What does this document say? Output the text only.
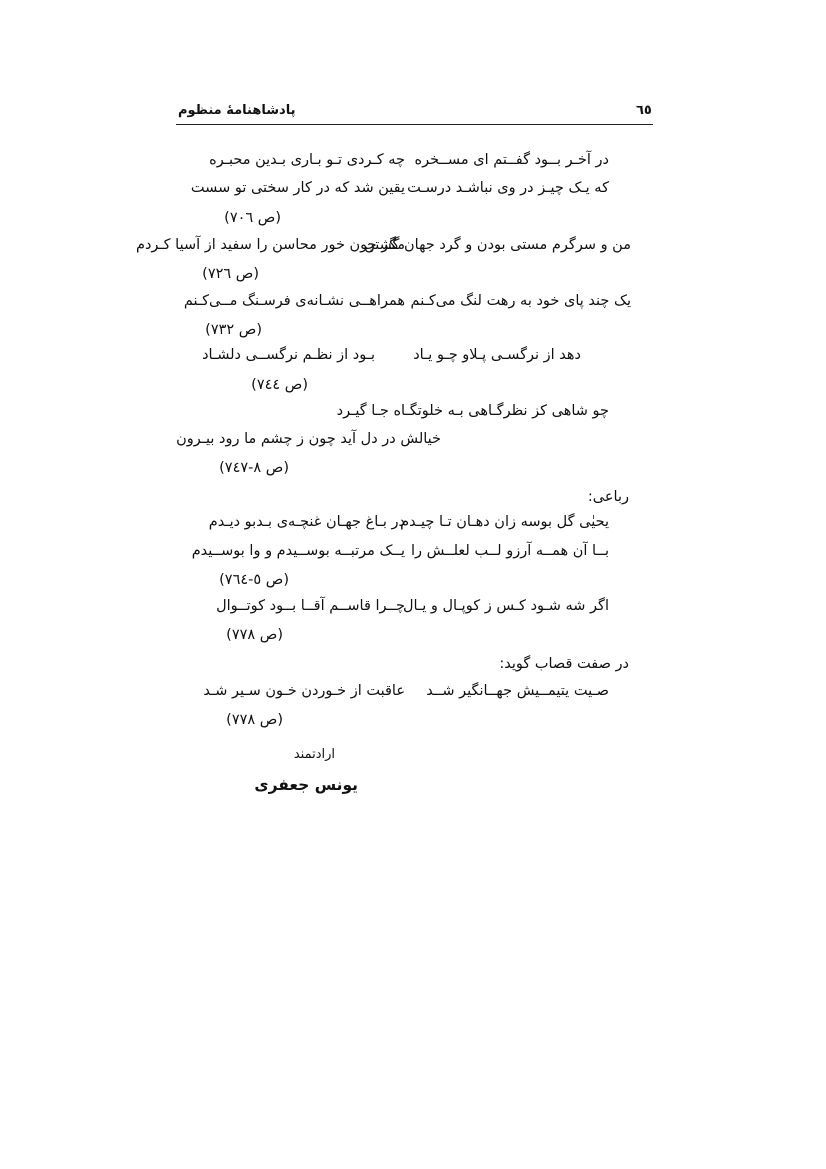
پادشاهنامهٔ منظوم	٦٥
در آخـر بــود گفــتم ای مســخره
چه کـردی تـو بـاری بـدین محبـره
که یـک چیـز در وی نباشـد درسـت
یقین شد که در کار سختی تو سست
(ص ٧٠٦)
من و سرگرم مستی بودن و گرد جهان گشتن
مگر چون خور محاسن را سفید از آسیا کـردم
(ص ٧٢٦)
یک چند پای خود به رهت لنگ می‌کـنم
همراهــی نشـانه‌ی فرسـنگ مــی‌کـنم
(ص ٧٣٢)
دهد از نرگسـی پـلاو چـو یـاد
بـود از نظـم نرگســی دلشـاد
(ص ٧٤٤)
چو شاهی کز نظرگـاهی بـه خلوتگـاه جـا گیـرد
خیالش در دل آید چون ز چشم ما رود بیـرون
(ص ٨-٧٤٧)
رباعی:
یحیٰی گل بوسه زان دهـان تـا چیـدم
در بـاغ جهـان غنچـه‌ی بـدبو دیـدم
بــا آن همــه آرزو لــب لعلــش را
یــک مرتبــه بوســیدم و وا بوســیدم
(ص ٥-٧٦٤)
اگر شه شـود کـس ز کوپـال و یـال
چــرا قاســم آقــا بــود کوتــوال
(ص ٧٧٨)
در صفت قصاب گوید:
صـیت یتیمــیش جهــانگیر شــد
عاقبت از خـوردن خـون سـیر شـد
(ص ٧٧٨)
ارادتمند
یونس جعفری
